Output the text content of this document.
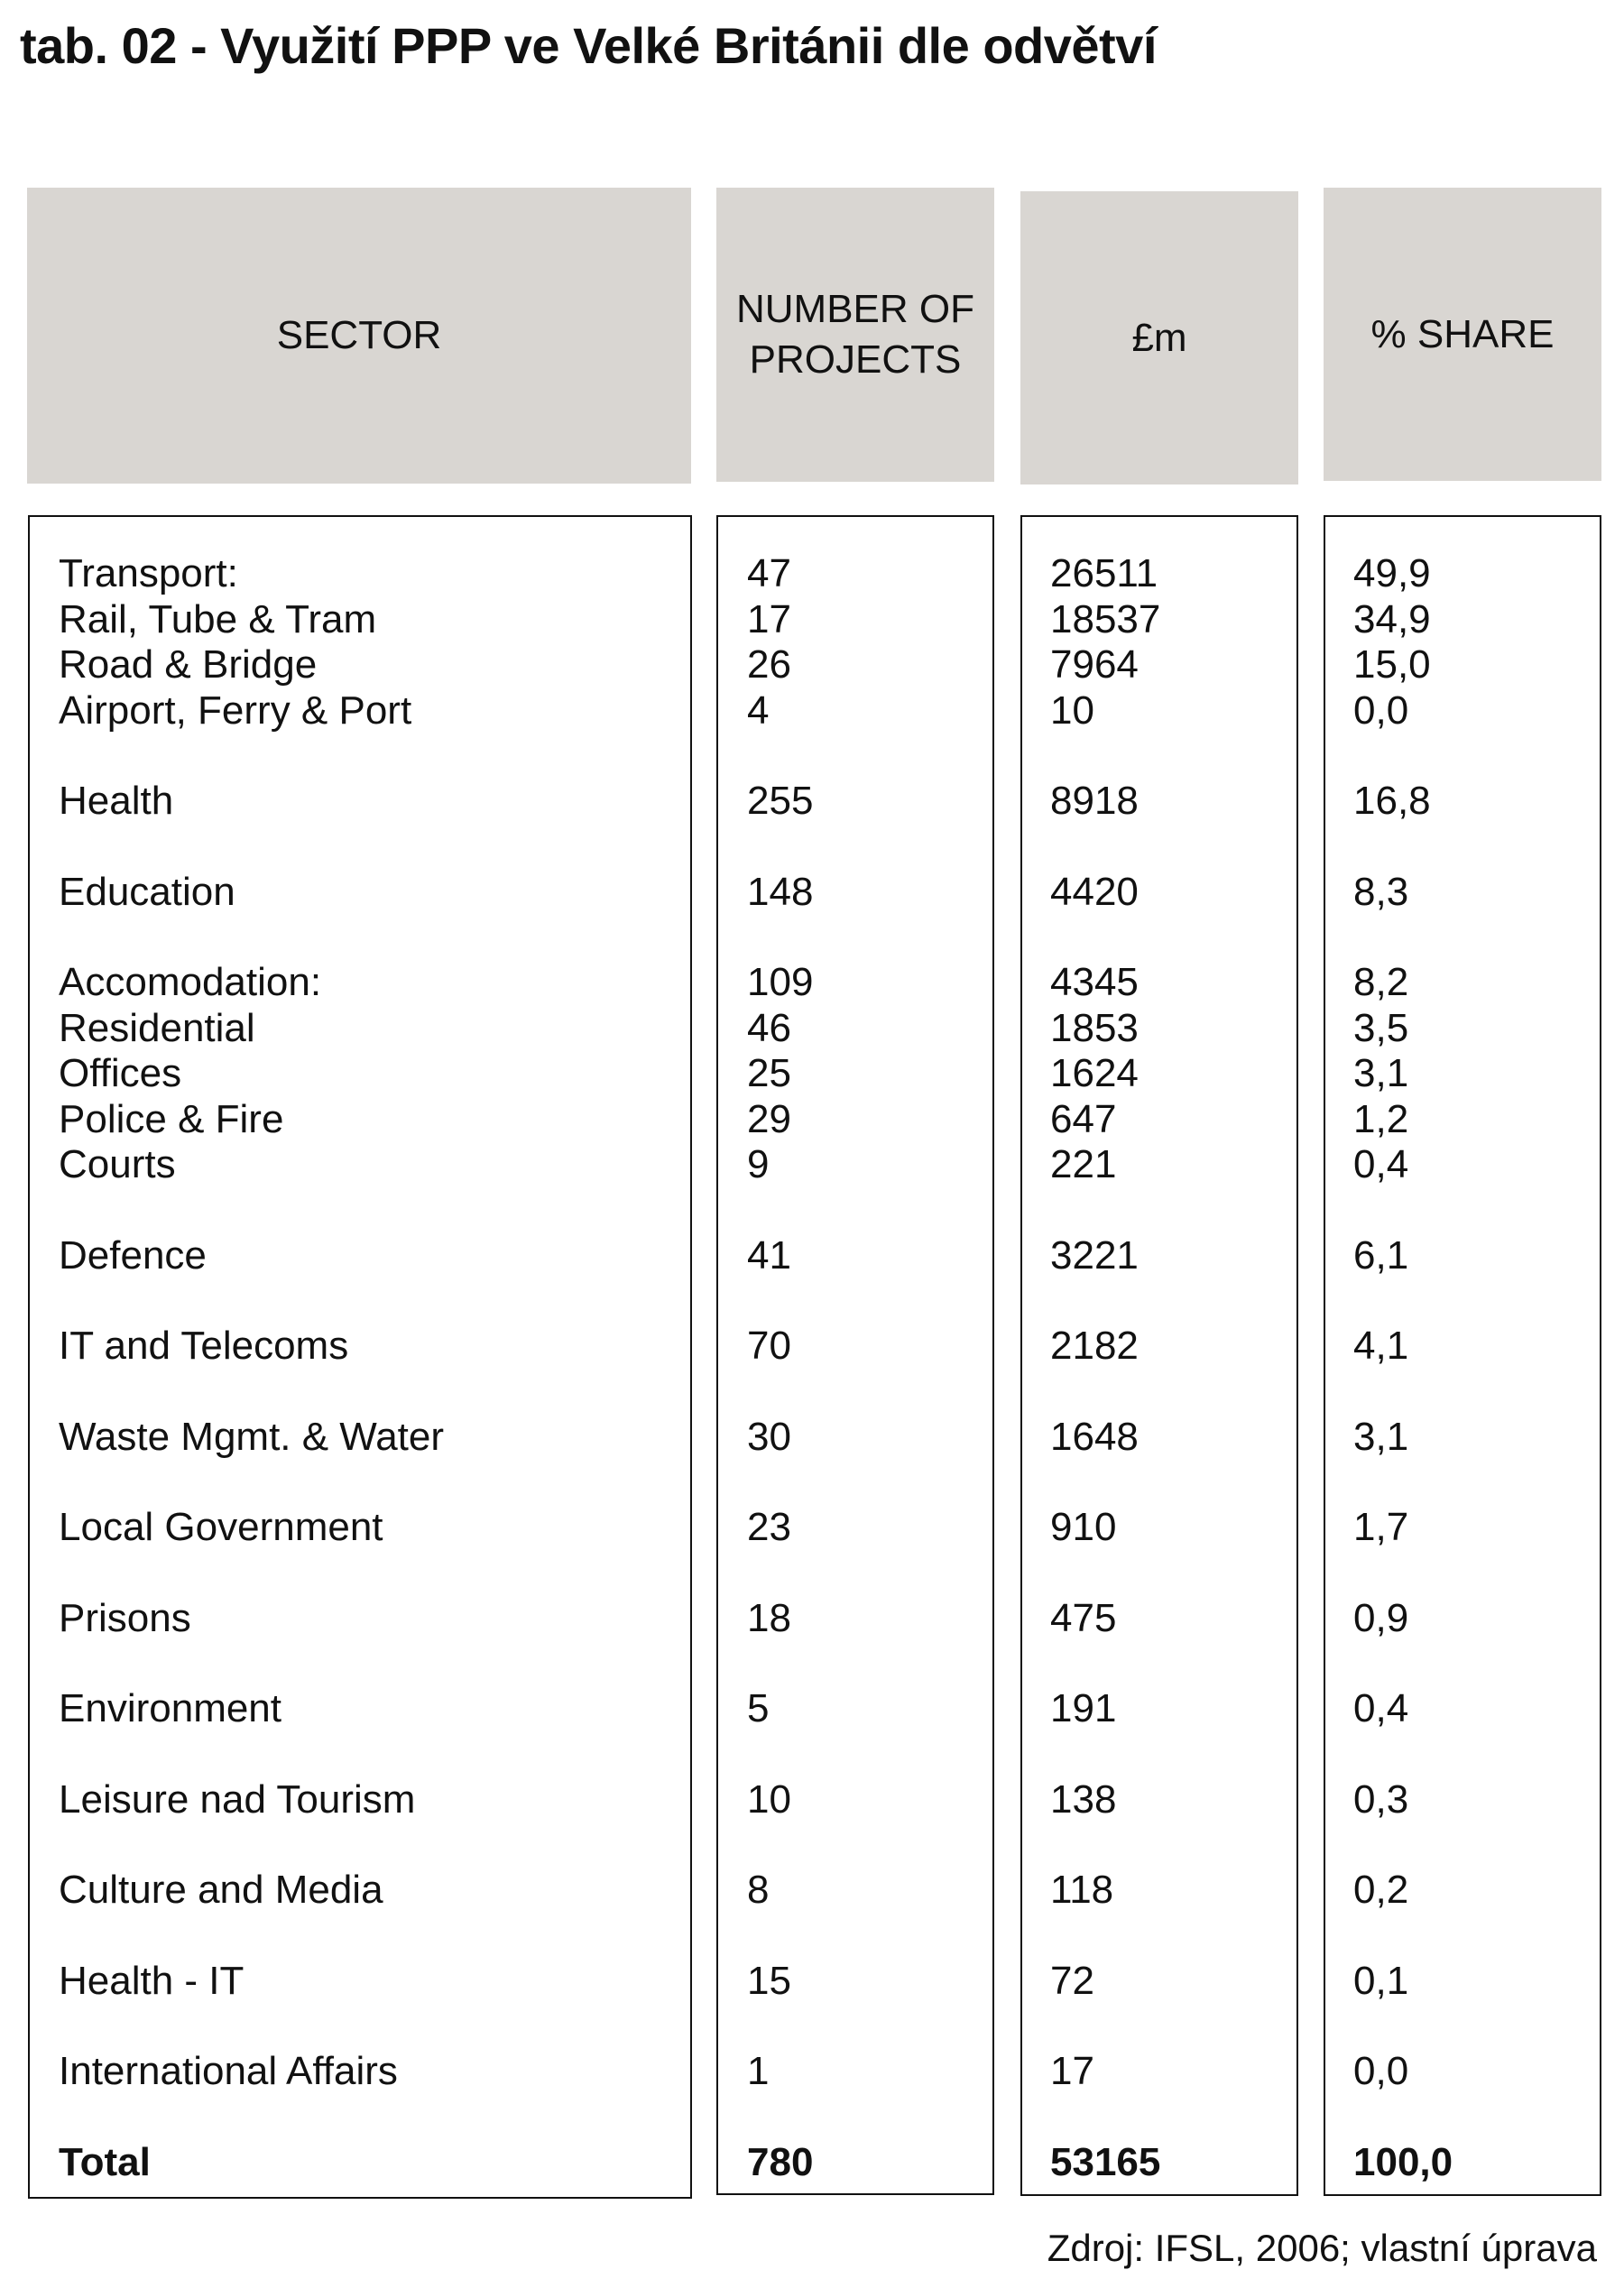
tab. 02 - Využití PPP ve Velké Británii dle odvětví
SECTOR
NUMBER OF
PROJECTS	£m	% SHARE
Transport:
Rail, Tube & Tram
Road & Bridge
Airport, Ferry & Port
Health
Education
Accomodation:
Residential
Offices
Police & Fire
Courts
Defence
IT and Telecoms
Waste Mgmt. & Water
Local Government
Prisons
Environment
Leisure nad Tourism
Culture and Media
Health - IT
International Affairs
Total
47
17
26
4
255
148
109
46
25
29
9
41
70
30
23
18
5
10
8
15
1
780
26511
18537
7964
10
8918
4420
4345
1853
1624
647
221
3221
2182
1648
910
475
191
138
118
72
17
53165
49,9
34,9
15,0
0,0
16,8
8,3
8,2
3,5
3,1
1,2
0,4
6,1
4,1
3,1
1,7
0,9
0,4
0,3
0,2
0,1
0,0
100,0
Zdroj: IFSL, 2006; vlastní úprava
